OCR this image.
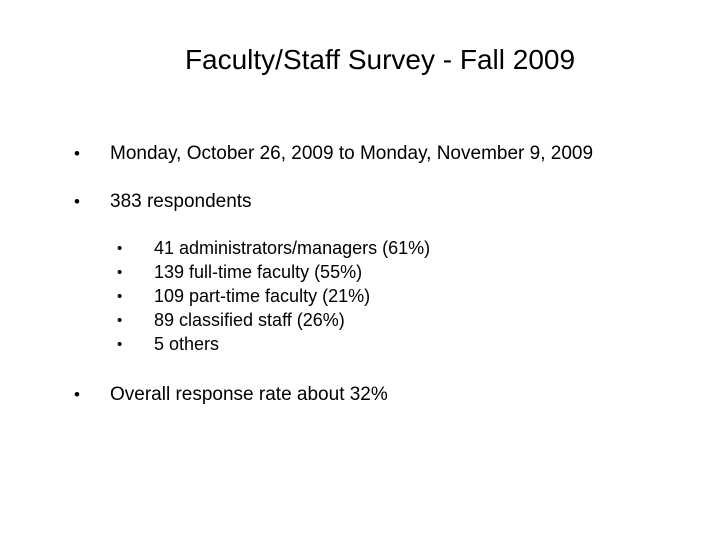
Faculty/Staff Survey - Fall 2009
• Monday, October 26, 2009 to Monday, November 9, 2009
• 383 respondents
• 41 administrators/managers (61%)
• 139 full-time faculty (55%)
• 109 part-time faculty (21%)
• 89 classified staff (26%)
• 5 others
• Overall response rate about 32%
